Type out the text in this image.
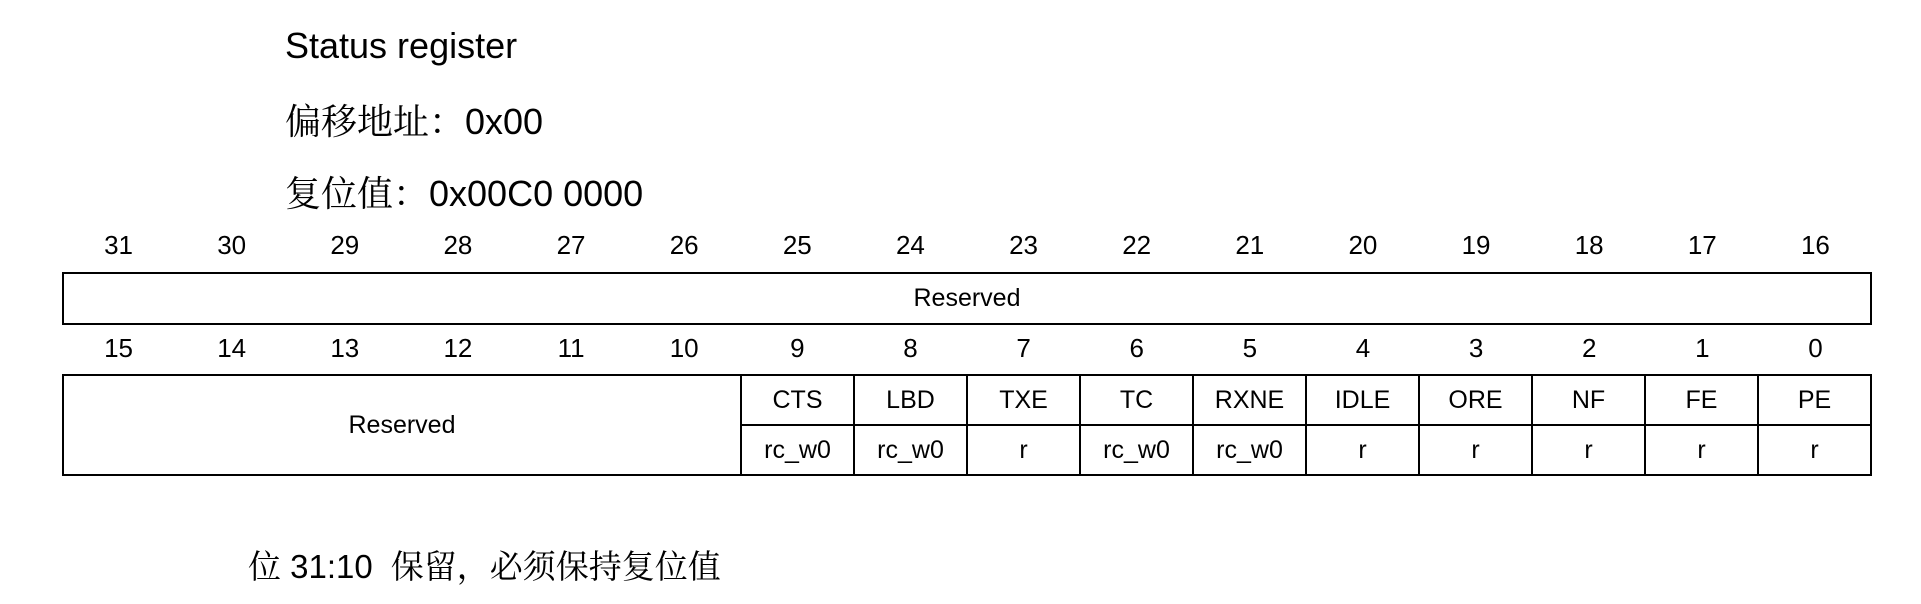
Status register
偏移地址：0x00
复位值：0x00C0 0000
31	30	29	28	27	26	25	24	23	22	21	20	19	18	17	16
Reserved
15	14	13	12	11	10	9	8	7	6	5	4	3	2	1	0
Reserved	CTS	LBD	TXE	TC	RXNE	IDLE	ORE	NF	FE	PE
	rc_w0	rc_w0	r	rc_w0	rc_w0	r	r	r	r	r
位 31:10 保留，必须保持复位值
